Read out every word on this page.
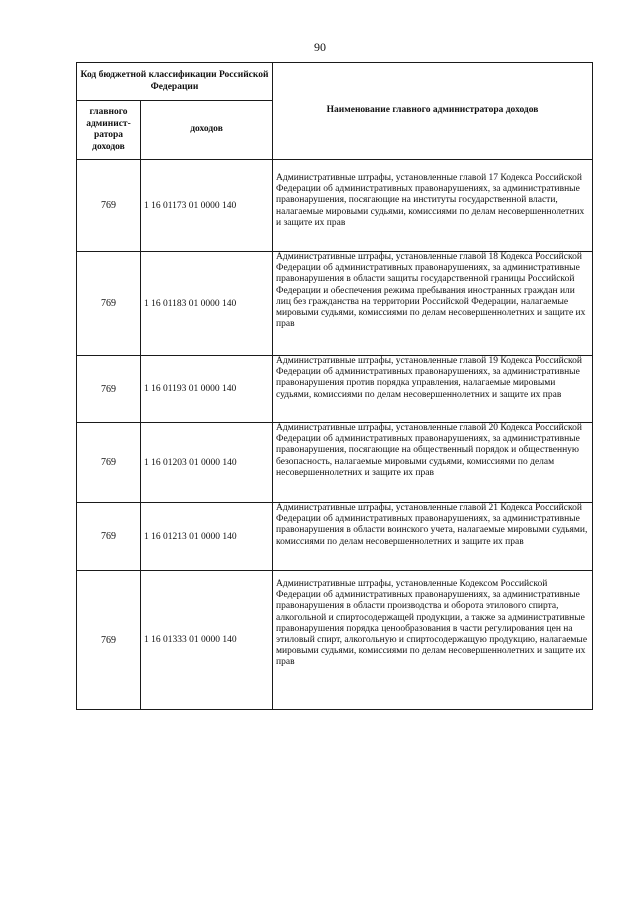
90
Код бюджетной классификации Российской Федерации		Наименование главного администратора доходов
главного админист-ратора доходов	доходов	
769	1 16 01173 01 0000 140	Административные штрафы, установленные главой 17 Кодекса Российской Федерации об административных правонарушениях, за административные правонарушения, посягающие на институты государственной власти, налагаемые мировыми судьями, комиссиями по делам несовершеннолетних и защите их прав
769	1 16 01183 01 0000 140	Административные штрафы, установленные главой 18 Кодекса Российской Федерации об административных правонарушениях, за административные правонарушения в области защиты государственной границы Российской Федерации и обеспечения режима пребывания иностранных граждан или лиц без гражданства на территории Российской Федерации, налагаемые мировыми судьями, комиссиями по делам несовершеннолетних и защите их прав
769	1 16 01193 01 0000 140	Административные штрафы, установленные главой 19 Кодекса Российской Федерации об административных правонарушениях, за административные правонарушения против порядка управления, налагаемые мировыми судьями, комиссиями по делам несовершеннолетних и защите их прав
769	1 16 01203 01 0000 140	Административные штрафы, установленные главой 20 Кодекса Российской Федерации об административных правонарушениях, за административные правонарушения, посягающие на общественный порядок и общественную безопасность, налагаемые мировыми судьями, комиссиями по делам несовершеннолетних и защите их прав
769	1 16 01213 01 0000 140	Административные штрафы, установленные главой 21 Кодекса Российской Федерации об административных правонарушениях, за административные правонарушения в области воинского учета, налагаемые мировыми судьями, комиссиями по делам несовершеннолетних и защите их прав
769	1 16 01333 01 0000 140	Административные штрафы, установленные Кодексом Российской Федерации об административных правонарушениях, за административные правонарушения в области производства и оборота этилового спирта, алкогольной и спиртосодержащей продукции, а также за административные правонарушения порядка ценообразования в части регулирования цен на этиловый спирт, алкогольную и спиртосодержащую продукцию, налагаемые мировыми судьями, комиссиями по делам несовершеннолетних и защите их прав
